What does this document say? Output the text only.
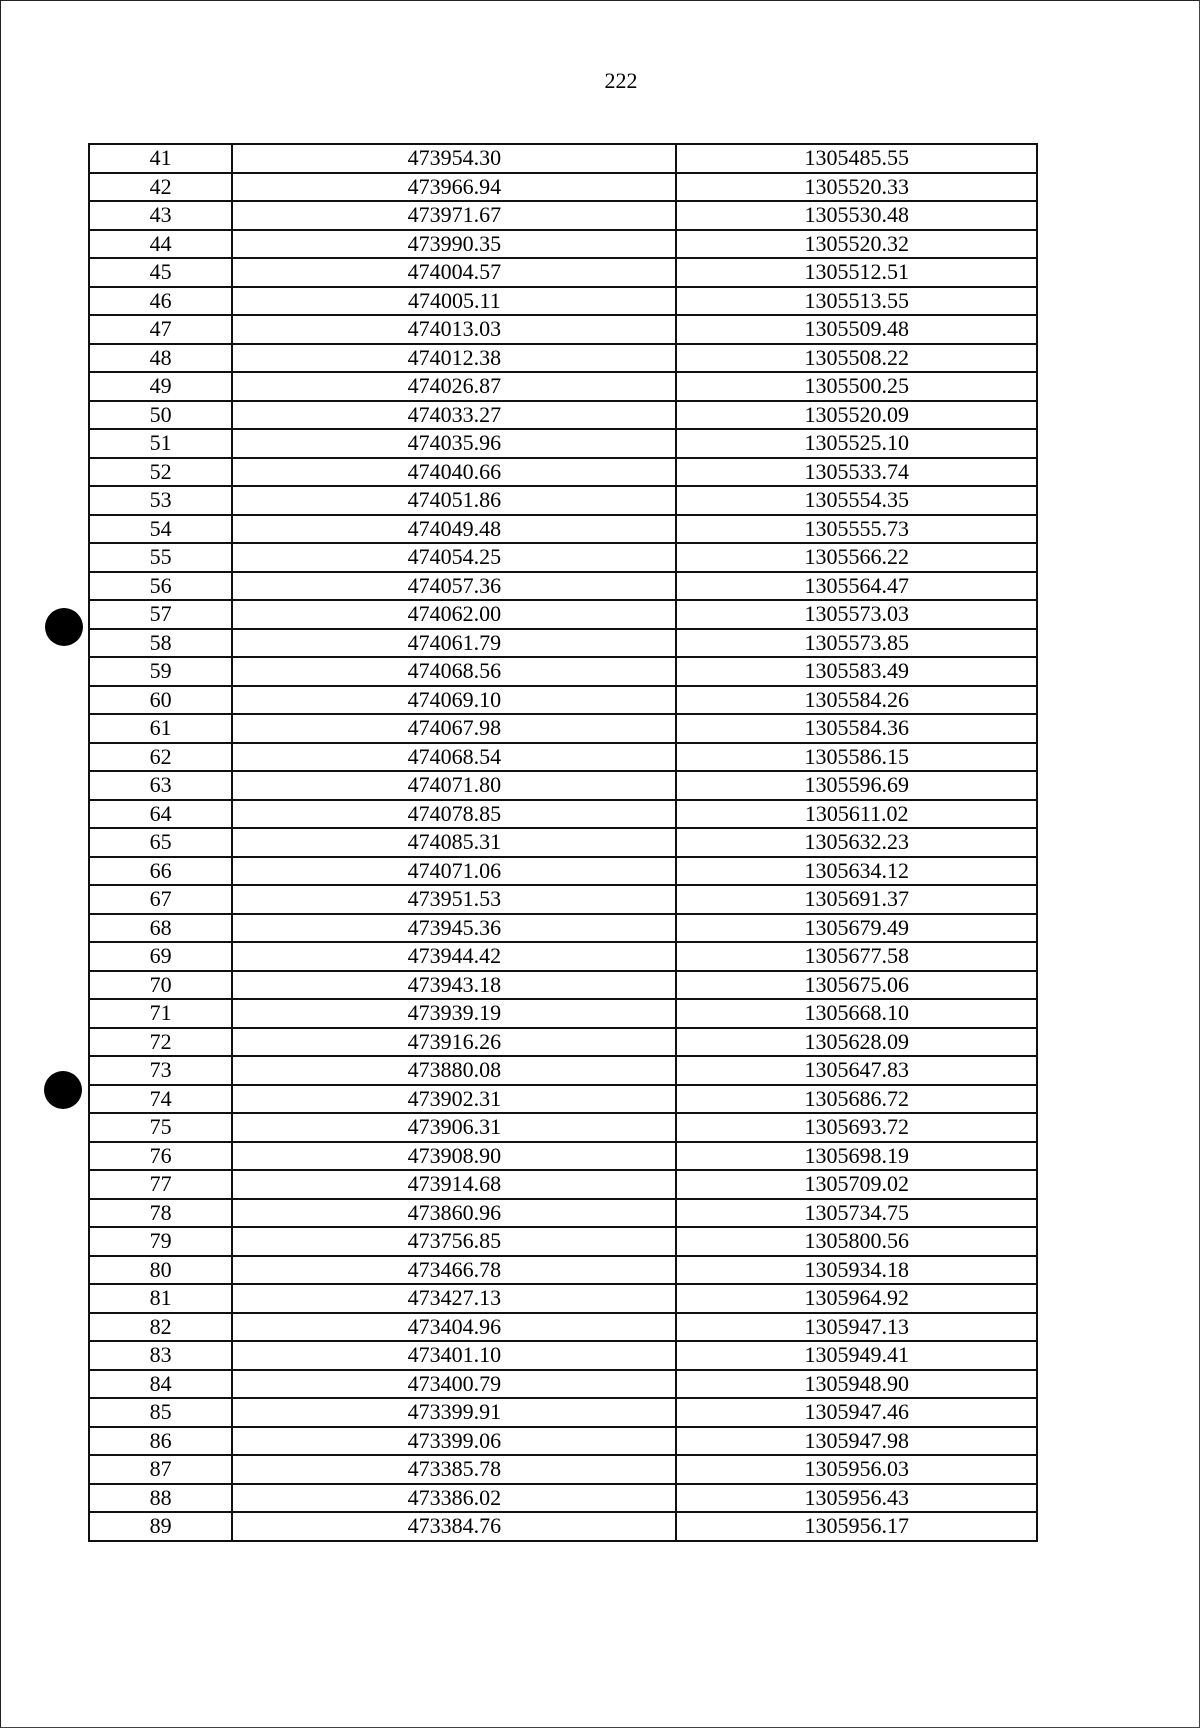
222
41	473954.30	1305485.55
42	473966.94	1305520.33
43	473971.67	1305530.48
44	473990.35	1305520.32
45	474004.57	1305512.51
46	474005.11	1305513.55
47	474013.03	1305509.48
48	474012.38	1305508.22
49	474026.87	1305500.25
50	474033.27	1305520.09
51	474035.96	1305525.10
52	474040.66	1305533.74
53	474051.86	1305554.35
54	474049.48	1305555.73
55	474054.25	1305566.22
56	474057.36	1305564.47
57	474062.00	1305573.03
58	474061.79	1305573.85
59	474068.56	1305583.49
60	474069.10	1305584.26
61	474067.98	1305584.36
62	474068.54	1305586.15
63	474071.80	1305596.69
64	474078.85	1305611.02
65	474085.31	1305632.23
66	474071.06	1305634.12
67	473951.53	1305691.37
68	473945.36	1305679.49
69	473944.42	1305677.58
70	473943.18	1305675.06
71	473939.19	1305668.10
72	473916.26	1305628.09
73	473880.08	1305647.83
74	473902.31	1305686.72
75	473906.31	1305693.72
76	473908.90	1305698.19
77	473914.68	1305709.02
78	473860.96	1305734.75
79	473756.85	1305800.56
80	473466.78	1305934.18
81	473427.13	1305964.92
82	473404.96	1305947.13
83	473401.10	1305949.41
84	473400.79	1305948.90
85	473399.91	1305947.46
86	473399.06	1305947.98
87	473385.78	1305956.03
88	473386.02	1305956.43
89	473384.76	1305956.17
